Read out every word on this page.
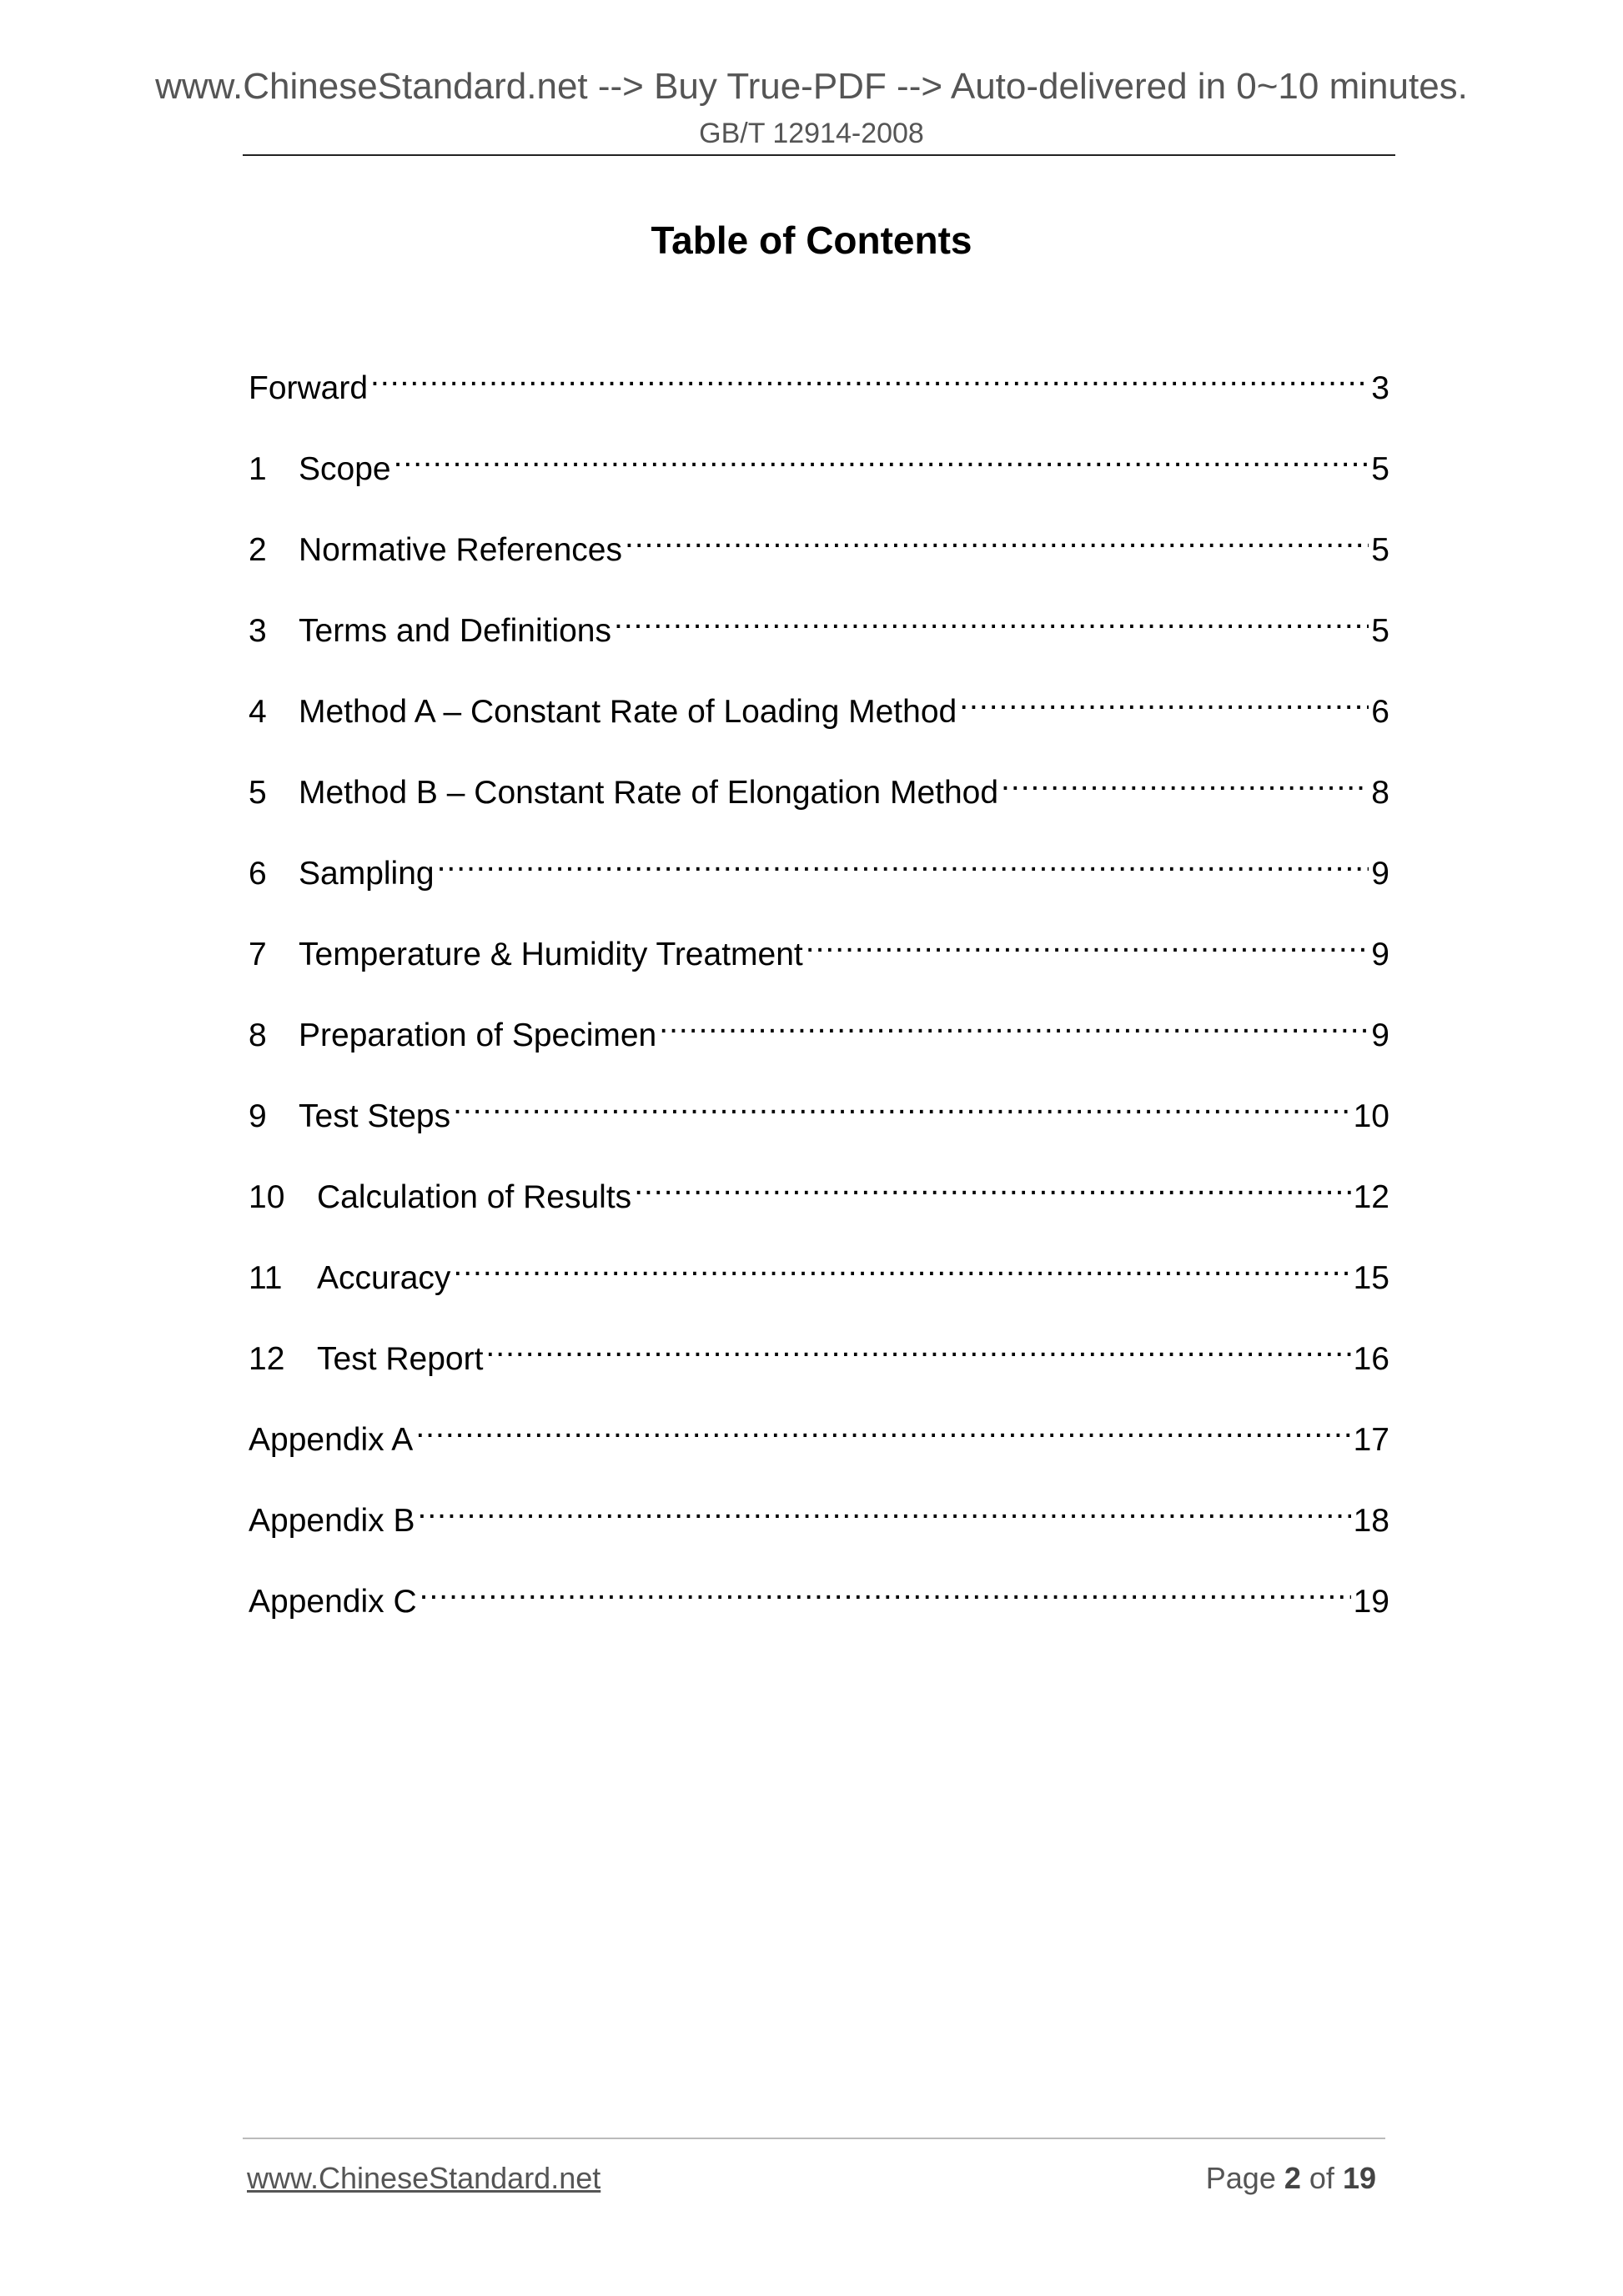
www.ChineseStandard.net --> Buy True-PDF --> Auto-delivered in 0~10 minutes.
GB/T 12914-2008
Table of Contents
Forward .....	3
1 Scope .....	5
2 Normative References .....	5
3 Terms and Definitions .....	5
4 Method A – Constant Rate of Loading Method .....	6
5 Method B – Constant Rate of Elongation Method .....	8
6 Sampling .....	9
7 Temperature & Humidity Treatment .....	9
8 Preparation of Specimen .....	9
9 Test Steps .....	10
10 Calculation of Results .....	12
11	Accuracy .....	15
12 Test Report .....	16
Appendix A .....	17
Appendix B .....	18
Appendix C .....	19
www.ChineseStandard.net	Page 2 of 19
